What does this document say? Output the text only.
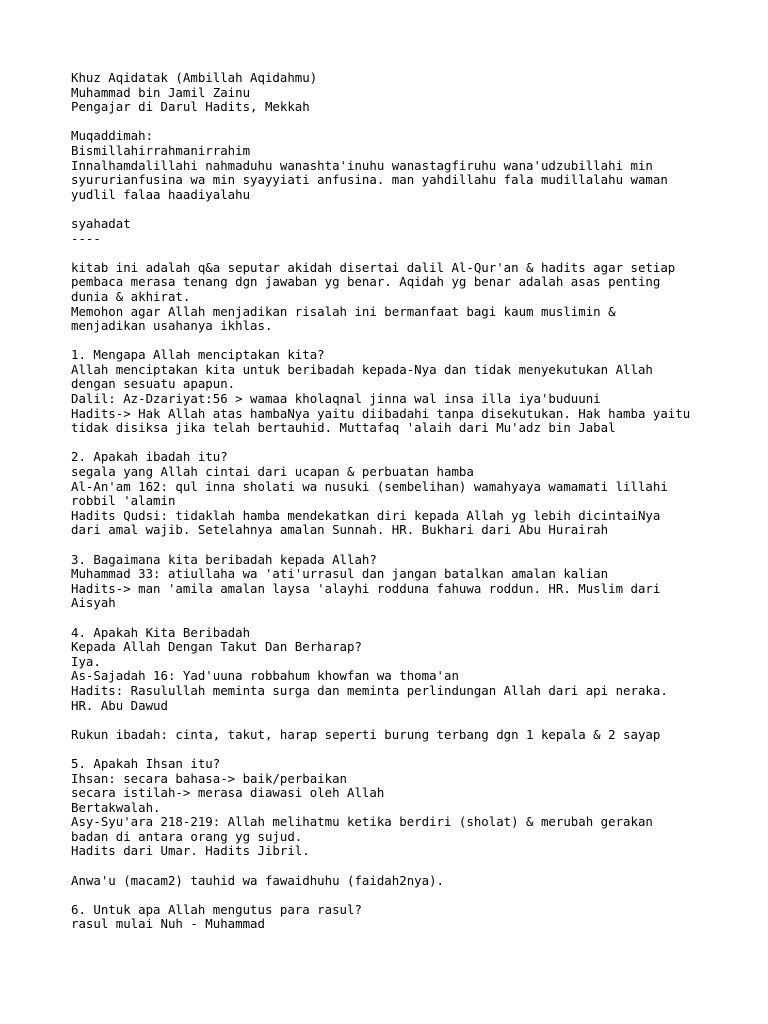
Khuz Aqidatak (Ambillah Aqidahmu)
Muhammad bin Jamil Zainu
Pengajar di Darul Hadits, Mekkah
Muqaddimah:
Bismillahirrahmanirrahim
Innalhamdalillahi nahmaduhu wanashta'inuhu wanastagfiruhu wana'udzubillahi min
syururianfusina wa min syayyiati anfusina. man yahdillahu fala mudillalahu waman
yudlil falaa haadiyalahu
syahadat
----
kitab ini adalah q&a seputar akidah disertai dalil Al-Qur'an & hadits agar setiap
pembaca merasa tenang dgn jawaban yg benar. Aqidah yg benar adalah asas penting
dunia & akhirat.
Memohon agar Allah menjadikan risalah ini bermanfaat bagi kaum muslimin &
menjadikan usahanya ikhlas.
1. Mengapa Allah menciptakan kita?
Allah menciptakan kita untuk beribadah kepada-Nya dan tidak menyekutukan Allah
dengan sesuatu apapun.
Dalil: Az-Dzariyat:56 > wamaa kholaqnal jinna wal insa illa iya'buduuni
Hadits-> Hak Allah atas hambaNya yaitu diibadahi tanpa disekutukan. Hak hamba yaitu
tidak disiksa jika telah bertauhid. Muttafaq 'alaih dari Mu'adz bin Jabal
2. Apakah ibadah itu?
segala yang Allah cintai dari ucapan & perbuatan hamba
Al-An'am 162: qul inna sholati wa nusuki (sembelihan) wamahyaya wamamati lillahi
robbil 'alamin
Hadits Qudsi: tidaklah hamba mendekatkan diri kepada Allah yg lebih dicintaiNya
dari amal wajib. Setelahnya amalan Sunnah. HR. Bukhari dari Abu Hurairah
3. Bagaimana kita beribadah kepada Allah?
Muhammad 33: atiullaha wa 'ati'urrasul dan jangan batalkan amalan kalian
Hadits-> man 'amila amalan laysa 'alayhi rodduna fahuwa roddun. HR. Muslim dari
Aisyah
4. Apakah Kita Beribadah
Kepada Allah Dengan Takut Dan Berharap?
Iya.
As-Sajadah 16: Yad'uuna robbahum khowfan wa thoma'an
Hadits: Rasulullah meminta surga dan meminta perlindungan Allah dari api neraka.
HR. Abu Dawud
Rukun ibadah: cinta, takut, harap seperti burung terbang dgn 1 kepala & 2 sayap
5. Apakah Ihsan itu?
Ihsan: secara bahasa-> baik/perbaikan
secara istilah-> merasa diawasi oleh Allah
Bertakwalah.
Asy-Syu'ara 218-219: Allah melihatmu ketika berdiri (sholat) & merubah gerakan
badan di antara orang yg sujud.
Hadits dari Umar. Hadits Jibril.
Anwa'u (macam2) tauhid wa fawaidhuhu (faidah2nya).
6. Untuk apa Allah mengutus para rasul?
rasul mulai Nuh - Muhammad
